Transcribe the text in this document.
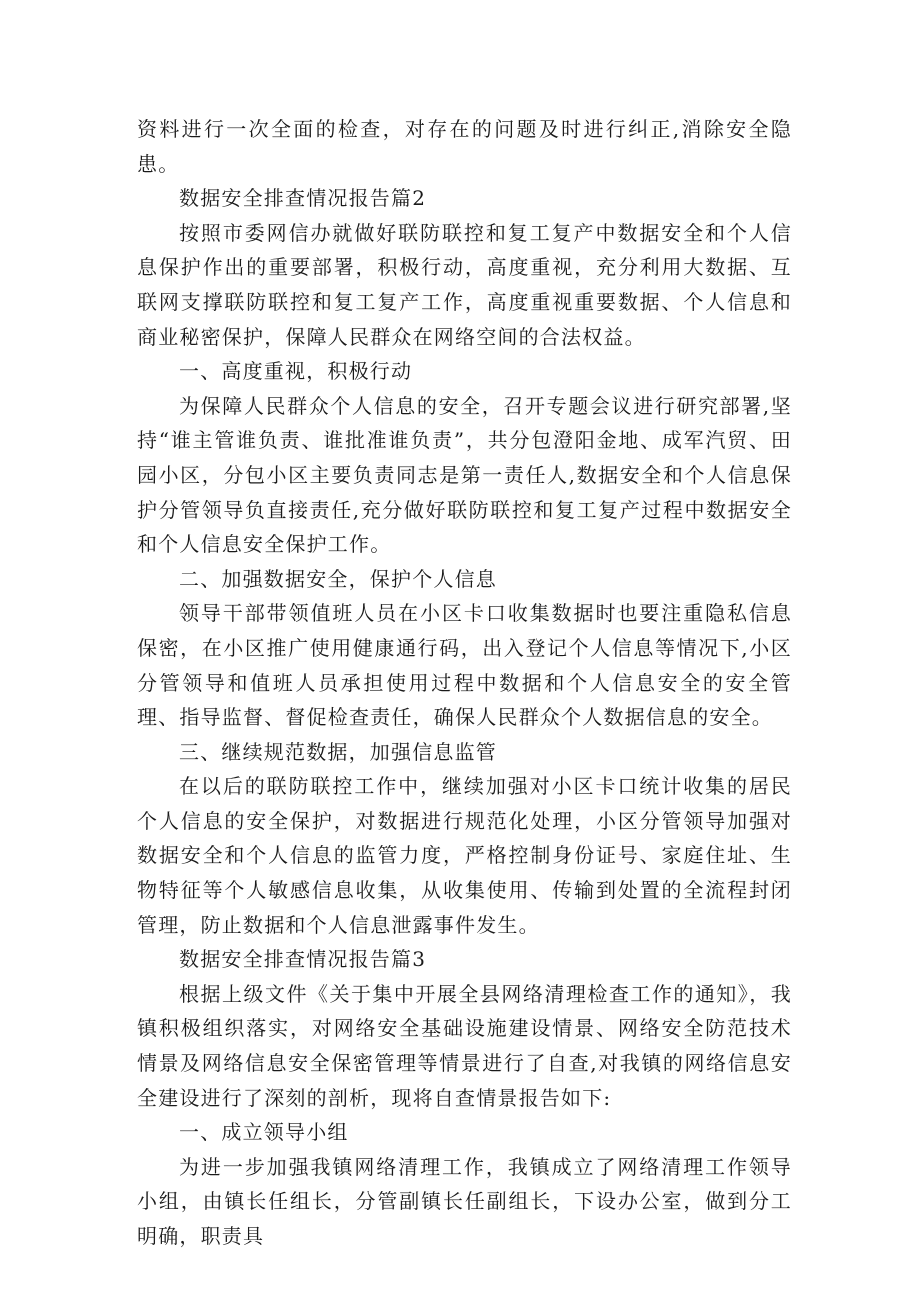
资料进行一次全面的检查，对存在的问题及时进行纠正,消除安全隐患。

数据安全排查情况报告篇2

按照市委网信办就做好联防联控和复工复产中数据安全和个人信息保护作出的重要部署，积极行动，高度重视，充分利用大数据、互联网支撑联防联控和复工复产工作，高度重视重要数据、个人信息和商业秘密保护，保障人民群众在网络空间的合法权益。

一、高度重视，积极行动

为保障人民群众个人信息的安全，召开专题会议进行研究部署,坚持“谁主管谁负责、谁批准谁负责”，共分包澄阳金地、成军汽贸、田园小区，分包小区主要负责同志是第一责任人,数据安全和个人信息保护分管领导负直接责任,充分做好联防联控和复工复产过程中数据安全和个人信息安全保护工作。

二、加强数据安全，保护个人信息

领导干部带领值班人员在小区卡口收集数据时也要注重隐私信息保密，在小区推广使用健康通行码，出入登记个人信息等情况下,小区分管领导和值班人员承担使用过程中数据和个人信息安全的安全管理、指导监督、督促检查责任，确保人民群众个人数据信息的安全。

三、继续规范数据，加强信息监管

在以后的联防联控工作中，继续加强对小区卡口统计收集的居民个人信息的安全保护，对数据进行规范化处理，小区分管领导加强对数据安全和个人信息的监管力度，严格控制身份证号、家庭住址、生物特征等个人敏感信息收集，从收集使用、传输到处置的全流程封闭管理，防止数据和个人信息泄露事件发生。

数据安全排查情况报告篇3

根据上级文件《关于集中开展全县网络清理检查工作的通知》，我镇积极组织落实，对网络安全基础设施建设情景、网络安全防范技术情景及网络信息安全保密管理等情景进行了自查,对我镇的网络信息安全建设进行了深刻的剖析，现将自查情景报告如下:

一、成立领导小组

为进一步加强我镇网络清理工作，我镇成立了网络清理工作领导小组，由镇长任组长，分管副镇长任副组长，下设办公室，做到分工明确，职责具
